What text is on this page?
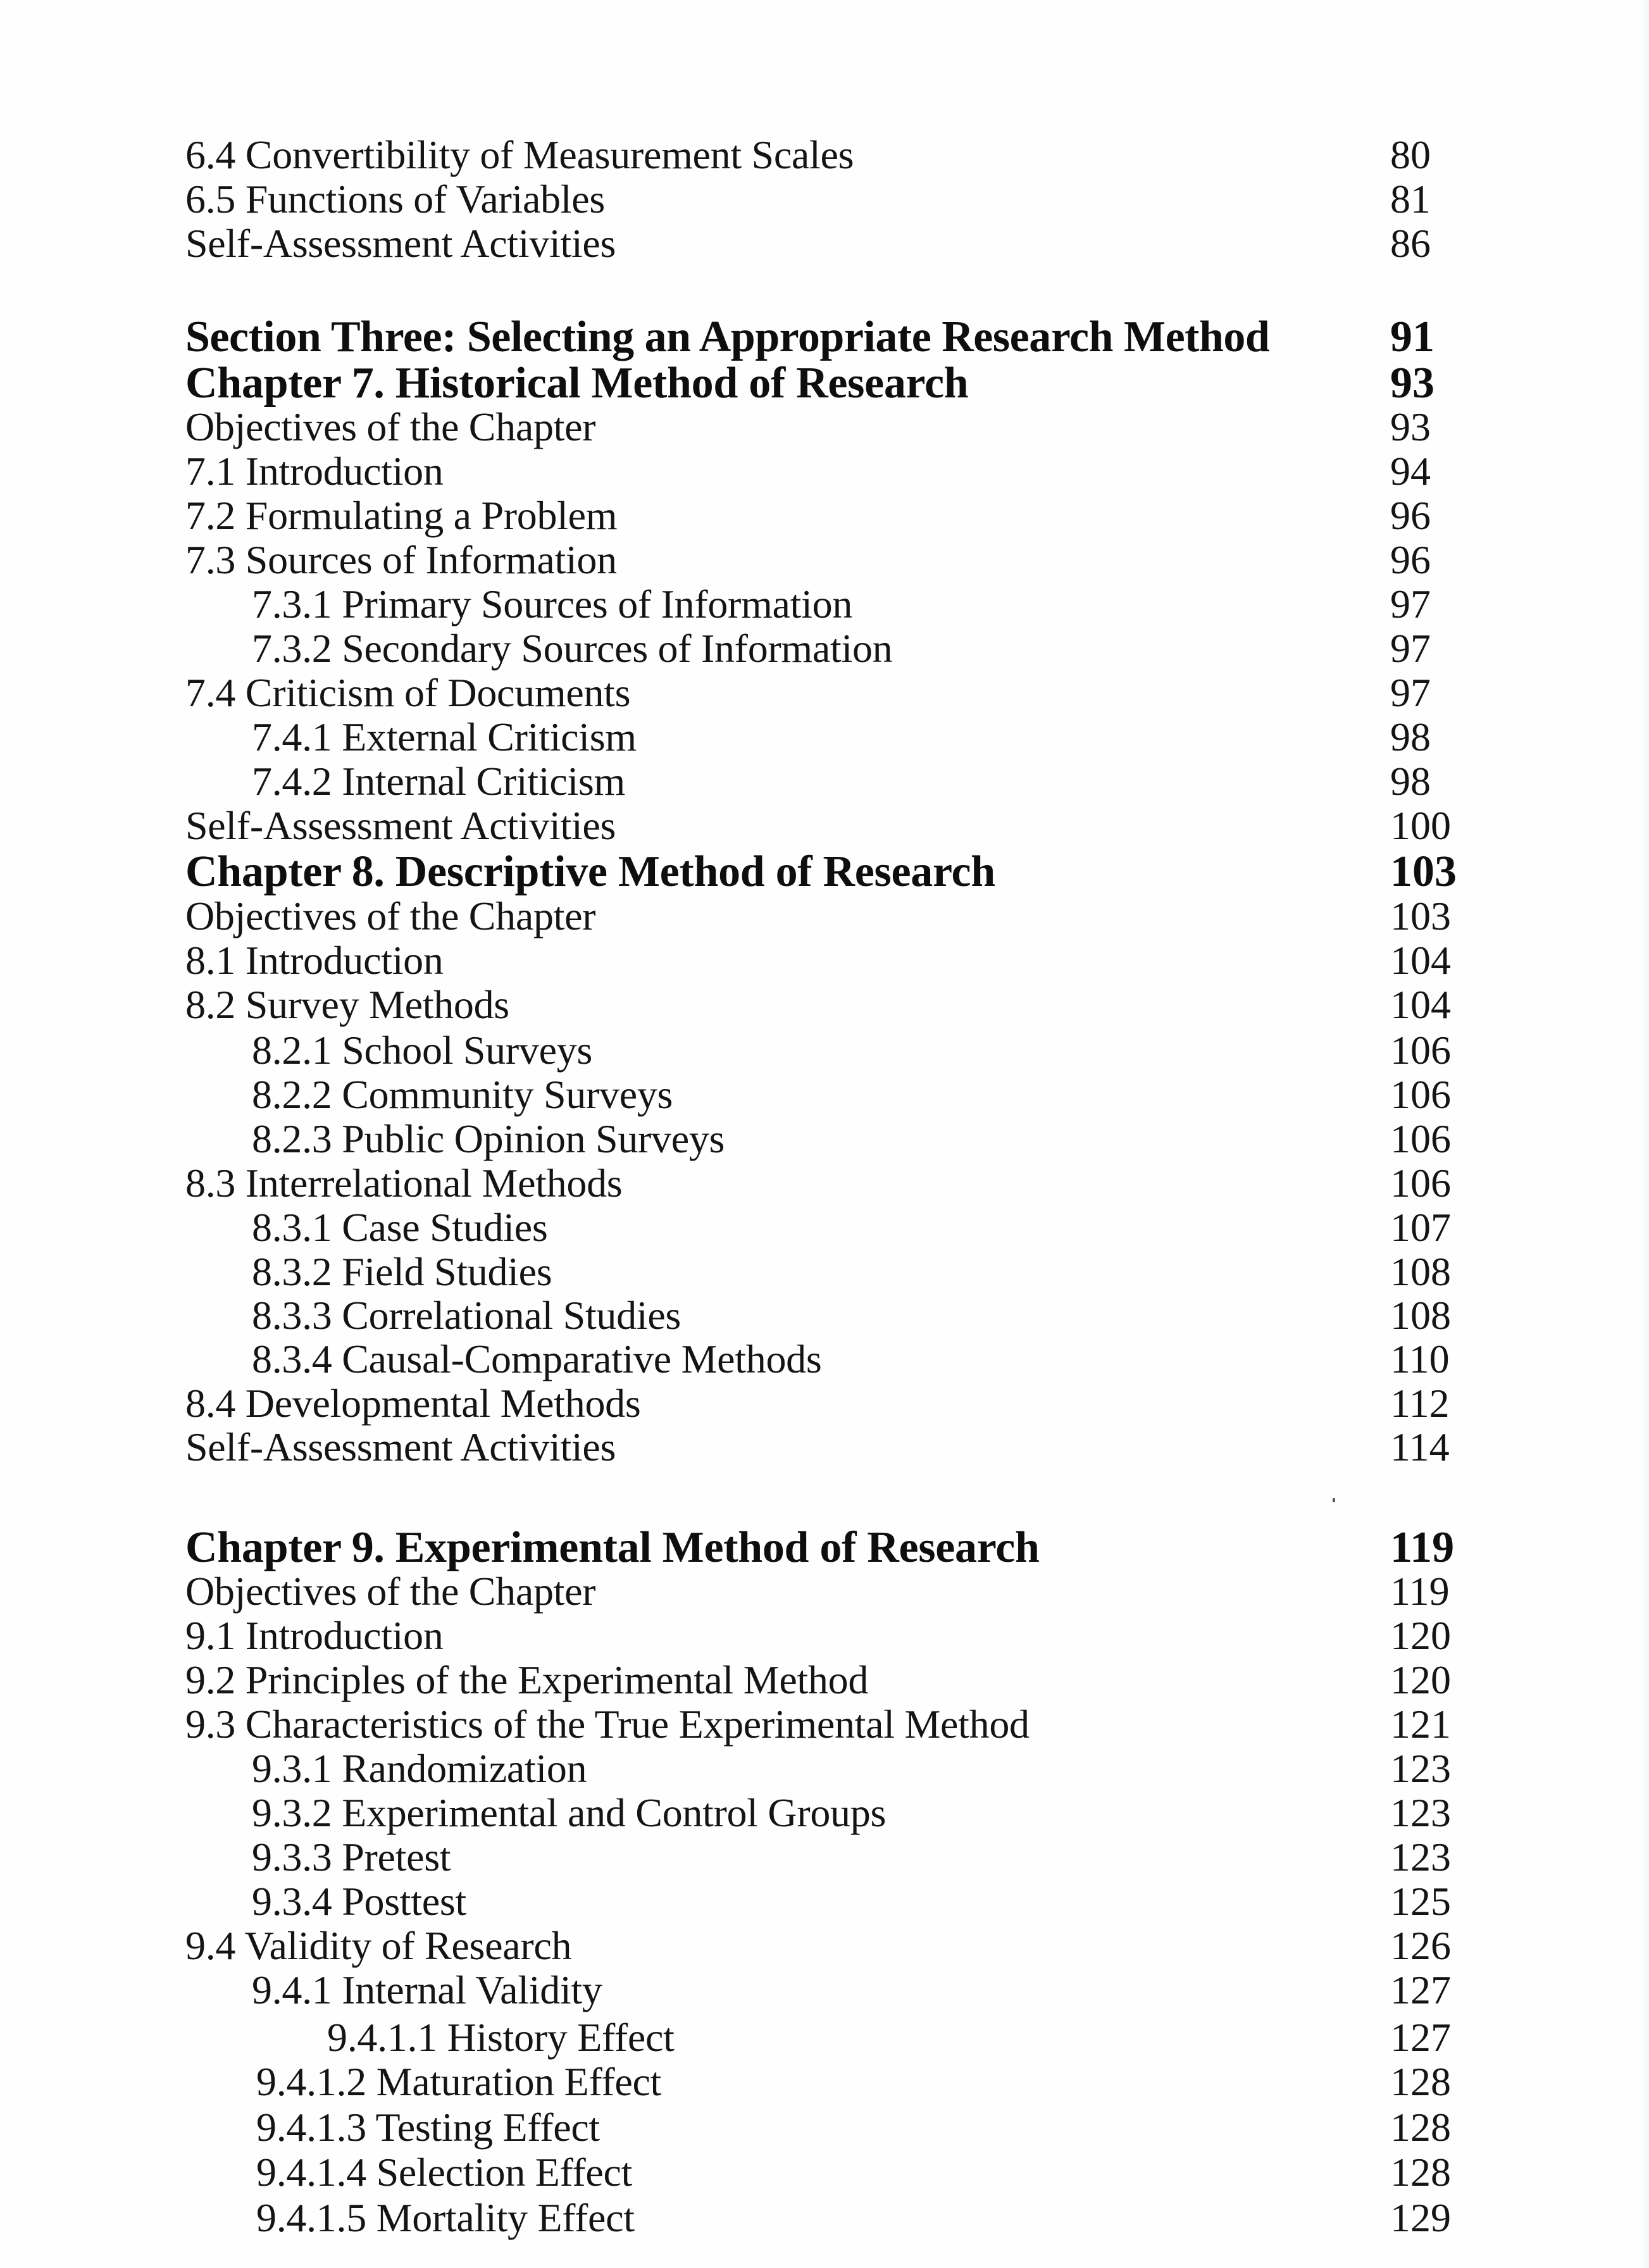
6.4 Convertibility of Measurement Scales	80
6.5 Functions of Variables	81
Self-Assessment Activities	86
Section Three: Selecting an Appropriate Research Method	91
Chapter 7. Historical Method of Research	93
Objectives of the Chapter	93
7.1 Introduction	94
7.2 Formulating a Problem	96
7.3 Sources of Information	96
7.3.1 Primary Sources of Information	97
7.3.2 Secondary Sources of Information	97
7.4 Criticism of Documents	97
7.4.1 External Criticism	98
7.4.2 Internal Criticism	98
Self-Assessment Activities	100
Chapter 8. Descriptive Method of Research	103
Objectives of the Chapter	103
8.1 Introduction	104
8.2 Survey Methods	104
8.2.1 School Surveys	106
8.2.2 Community Surveys	106
8.2.3 Public Opinion Surveys	106
8.3 Interrelational Methods	106
8.3.1 Case Studies	107
8.3.2 Field Studies	108
8.3.3 Correlational Studies	108
8.3.4 Causal-Comparative Methods	110
8.4 Developmental Methods	112
Self-Assessment Activities	114
Chapter 9. Experimental Method of Research	119
Objectives of the Chapter	119
9.1 Introduction	120
9.2 Principles of the Experimental Method	120
9.3 Characteristics of the True Experimental Method	121
9.3.1 Randomization	123
9.3.2 Experimental and Control Groups	123
9.3.3 Pretest	123
9.3.4 Posttest	125
9.4 Validity of Research	126
9.4.1 Internal Validity	127
9.4.1.1 History Effect	127
9.4.1.2 Maturation Effect	128
9.4.1.3 Testing Effect	128
9.4.1.4 Selection Effect	128
9.4.1.5 Mortality Effect	129
